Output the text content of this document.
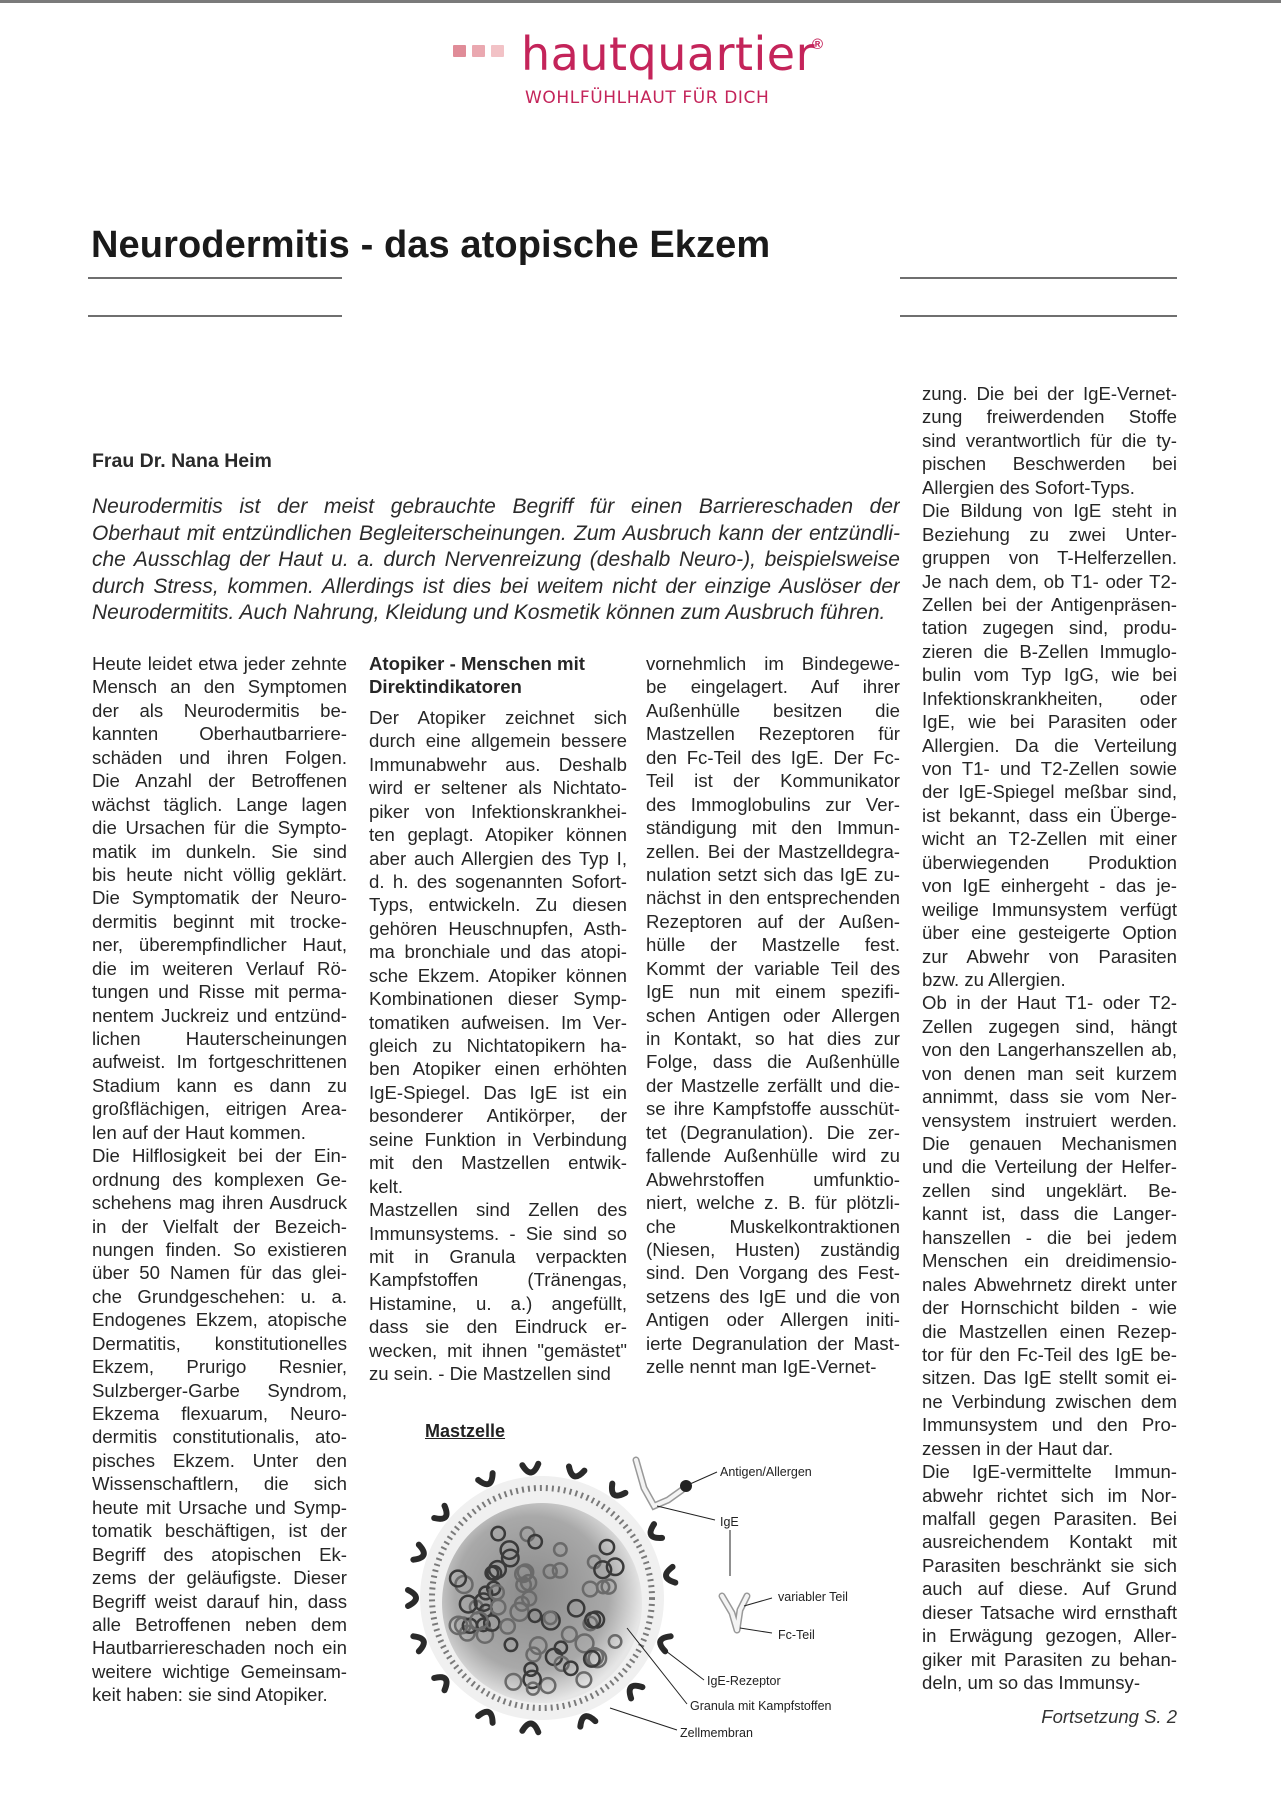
hautquartier
®
WOHLFÜHLHAUT FÜR DICH
Neurodermitis - das atopische Ekzem

Frau Dr. Nana Heim

Neurodermitis ist der meist gebrauchte Begriff für einen Barriereschaden der
Oberhaut mit entzündlichen Begleiterscheinungen. Zum Ausbruch kann der entzündli-
che Ausschlag der Haut u. a. durch Nervenreizung (deshalb Neuro-), beispielsweise
durch Stress, kommen. Allerdings ist dies bei weitem nicht der einzige Auslöser der
Neurodermitits. Auch Nahrung, Kleidung und Kosmetik können zum Ausbruch führen.
Heute leidet etwa jeder zehnte
Mensch an den Symptomen
der als Neurodermitis be-
kannten Oberhautbarriere-
schäden und ihren Folgen.
Die Anzahl der Betroffenen
wächst täglich. Lange lagen
die Ursachen für die Sympto-
matik im dunkeln. Sie sind
bis heute nicht völlig geklärt.
Die Symptomatik der Neuro-
dermitis beginnt mit trocke-
ner, überempfindlicher Haut,
die im weiteren Verlauf Rö-
tungen und Risse mit perma-
nentem Juckreiz und entzünd-
lichen Hauterscheinungen
aufweist. Im fortgeschrittenen
Stadium kann es dann zu
großflächigen, eitrigen Area-
len auf der Haut kommen.
Die Hilflosigkeit bei der Ein-
ordnung des komplexen Ge-
schehens mag ihren Ausdruck
in der Vielfalt der Bezeich-
nungen finden. So existieren
über 50 Namen für das glei-
che Grundgeschehen: u. a.
Endogenes Ekzem, atopische
Dermatitis, konstitutionelles
Ekzem, Prurigo Resnier,
Sulzberger-Garbe Syndrom,
Ekzema flexuarum, Neuro-
dermitis constitutionalis, ato-
pisches Ekzem. Unter den
Wissenschaftlern, die sich
heute mit Ursache und Symp-
tomatik beschäftigen, ist der
Begriff des atopischen Ek-
zems der geläufigste. Dieser
Begriff weist darauf hin, dass
alle Betroffenen neben dem
Hautbarriereschaden noch ein
weitere wichtige Gemeinsam-
keit haben: sie sind Atopiker.
Atopiker - Menschen mit
Direktindikatoren
Der Atopiker zeichnet sich
durch eine allgemein bessere
Immunabwehr aus. Deshalb
wird er seltener als Nichtato-
piker von Infektionskrankhei-
ten geplagt. Atopiker können
aber auch Allergien des Typ I,
d. h. des sogenannten Sofort-
Typs, entwickeln. Zu diesen
gehören Heuschnupfen, Asth-
ma bronchiale und das atopi-
sche Ekzem. Atopiker können
Kombinationen dieser Symp-
tomatiken aufweisen. Im Ver-
gleich zu Nichtatopikern ha-
ben Atopiker einen erhöhten
IgE-Spiegel. Das IgE ist ein
besonderer Antikörper, der
seine Funktion in Verbindung
mit den Mastzellen entwik-
kelt.
Mastzellen sind Zellen des
Immunsystems. - Sie sind so
mit in Granula verpackten
Kampfstoffen (Tränengas,
Histamine, u. a.) angefüllt,
dass sie den Eindruck er-
wecken, mit ihnen "gemästet"
zu sein. - Die Mastzellen sind
vornehmlich im Bindegewe-
be eingelagert. Auf ihrer
Außenhülle besitzen die
Mastzellen Rezeptoren für
den Fc-Teil des IgE. Der Fc-
Teil ist der Kommunikator
des Immoglobulins zur Ver-
ständigung mit den Immun-
zellen. Bei der Mastzelldegra-
nulation setzt sich das IgE zu-
nächst in den entsprechenden
Rezeptoren auf der Außen-
hülle der Mastzelle fest.
Kommt der variable Teil des
IgE nun mit einem spezifi-
schen Antigen oder Allergen
in Kontakt, so hat dies zur
Folge, dass die Außenhülle
der Mastzelle zerfällt und die-
se ihre Kampfstoffe ausschüt-
tet (Degranulation). Die zer-
fallende Außenhülle wird zu
Abwehrstoffen umfunktio-
niert, welche z. B. für plötzli-
che Muskelkontraktionen
(Niesen, Husten) zuständig
sind. Den Vorgang des Fest-
setzens des IgE und die von
Antigen oder Allergen initi-
ierte Degranulation der Mast-
zelle nennt man IgE-Vernet-
zung. Die bei der IgE-Vernet-
zung freiwerdenden Stoffe
sind verantwortlich für die ty-
pischen Beschwerden bei
Allergien des Sofort-Typs.
Die Bildung von IgE steht in
Beziehung zu zwei Unter-
gruppen von T-Helferzellen.
Je nach dem, ob T1- oder T2-
Zellen bei der Antigenpräsen-
tation zugegen sind, produ-
zieren die B-Zellen Immuglo-
bulin vom Typ IgG, wie bei
Infektionskrankheiten, oder
IgE, wie bei Parasiten oder
Allergien. Da die Verteilung
von T1- und T2-Zellen sowie
der IgE-Spiegel meßbar sind,
ist bekannt, dass ein Überge-
wicht an T2-Zellen mit einer
überwiegenden Produktion
von IgE einhergeht - das je-
weilige Immunsystem verfügt
über eine gesteigerte Option
zur Abwehr von Parasiten
bzw. zu Allergien.
Ob in der Haut T1- oder T2-
Zellen zugegen sind, hängt
von den Langerhanszellen ab,
von denen man seit kurzem
annimmt, dass sie vom Ner-
vensystem instruiert werden.
Die genauen Mechanismen
und die Verteilung der Helfer-
zellen sind ungeklärt. Be-
kannt ist, dass die Langer-
hanszellen - die bei jedem
Menschen ein dreidimensio-
nales Abwehrnetz direkt unter
der Hornschicht bilden - wie
die Mastzellen einen Rezep-
tor für den Fc-Teil des IgE be-
sitzen. Das IgE stellt somit ei-
ne Verbindung zwischen dem
Immunsystem und den Pro-
zessen in der Haut dar.
Die IgE-vermittelte Immun-
abwehr richtet sich im Nor-
malfall gegen Parasiten. Bei
ausreichendem Kontakt mit
Parasiten beschränkt sie sich
auch auf diese. Auf Grund
dieser Tatsache wird ernsthaft
in Erwägung gezogen, Aller-
giker mit Parasiten zu behan-
deln, um so das Immunsy-
Mastzelle
Antigen/Allergen
IgE
variabler Teil
Fc-Teil
IgE-Rezeptor
Granula mit Kampfstoffen
Zellmembran
Fortsetzung S. 2
